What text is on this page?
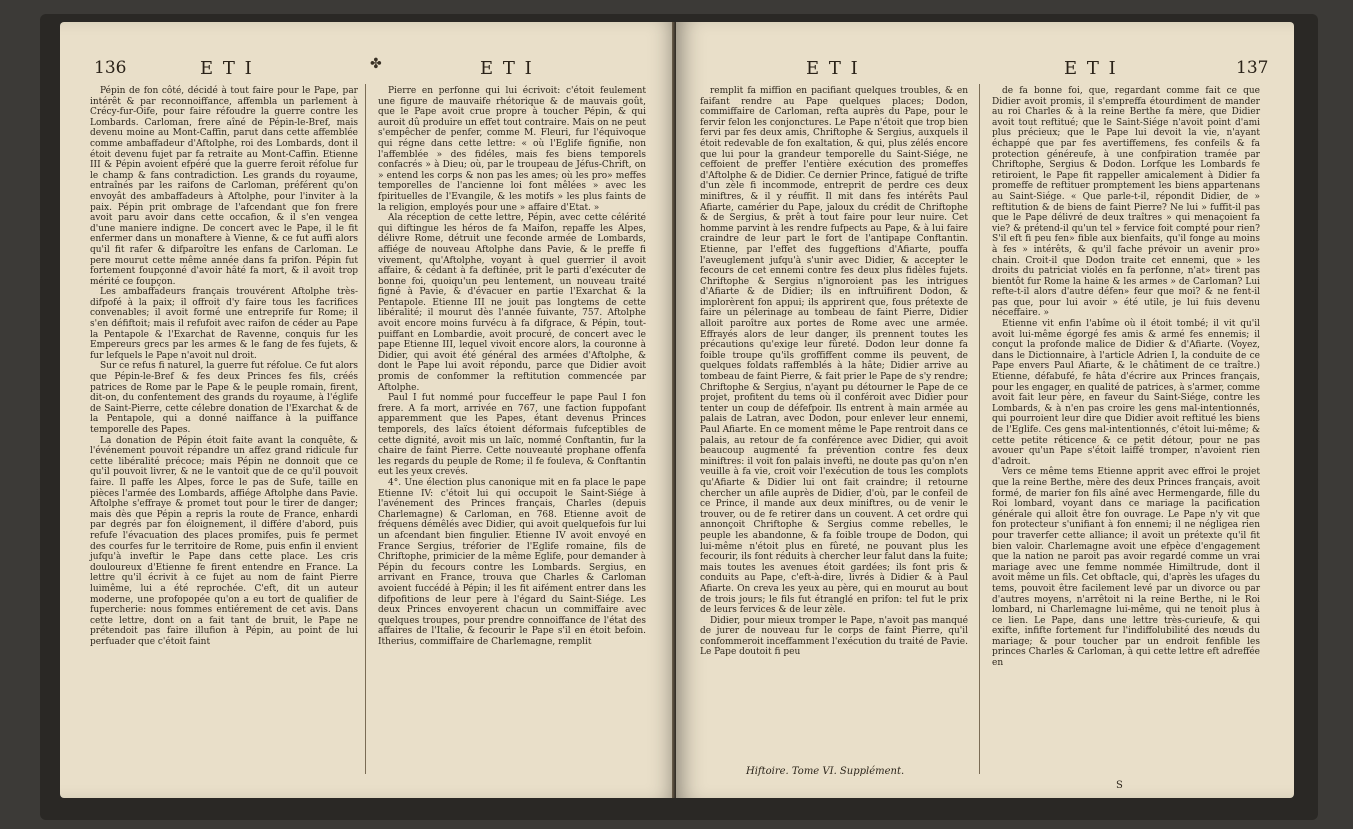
136	E T I	✤	E T I

Pépin de fon côté, décidé à tout faire pour le Pape, par intérêt & par reconnoiffance, affembla un parlement à Crécy-fur-Oife, pour faire réfoudre la guerre contre les Lombards. Carloman, frere aîné de Pépin-le-Bref, mais devenu moine au Mont-Caffin, parut dans cette affemblée comme ambaffadeur d'Aftolphe, roi des Lombards, dont il étoit devenu fujet par fa retraite au Mont-Caffin. Etienne III & Pépin avoient efpéré que la guerre feroit réfolue fur le champ & fans contradiction. Les grands du royaume, entraînés par les raifons de Carloman, préférent qu'on envoyât des ambaffadeurs à Aftolphe, pour l'inviter à la paix. Pépin prit ombrage de l'afcendant que fon frere avoit paru avoir dans cette occafion, & il s'en vengea d'une maniere indigne. De concert avec le Pape, il le fit enfermer dans un monaftere à Vienne, & ce fut auffi alors qu'il fit rafer & difparoître les enfans de Carloman. Le pere mourut cette même année dans fa prifon. Pépin fut fortement foupçonné d'avoir hâté fa mort, & il avoit trop mérité ce foupçon.

Les ambaffadeurs français trouvérent Aftolphe très-difpofé à la paix; il offroit d'y faire tous les facrifices convenables; il avoit formé une entreprife fur Rome; il s'en défiftoit; mais il refufoit avec raifon de céder au Pape la Pentapole & l'Exarchat de Ravenne, conquis fur les Empereurs grecs par les armes & le fang de fes fujets, & fur lefquels le Pape n'avoit nul droit.

Sur ce refus fi naturel, la guerre fut réfolue. Ce fut alors que Pépin-le-Bref & fes deux Princes fes fils, créés patrices de Rome par le Pape & le peuple romain, firent, dit-on, du confentement des grands du royaume, à l'églife de Saint-Pierre, cette célebre donation de l'Exarchat & de la Pentapole, qui a donné naiffance à la puiffance temporelle des Papes.

La donation de Pépin étoit faite avant la conquête, & l'événement pouvoit répandre un affez grand ridicule fur cette libéralité précoce; mais Pépin ne donnoit que ce qu'il pouvoit livrer, & ne le vantoit que de ce qu'il pouvoit faire. Il paffe les Alpes, force le pas de Sufe, taille en pièces l'armée des Lombards, affiége Aftolphe dans Pavie. Aftolphe s'effraye & promet tout pour le tirer de danger; mais dès que Pépin a repris la route de France, enhardi par degrés par fon éloignement, il différe d'abord, puis refufe l'évacuation des places promifes, puis fe permet des courfes fur le territoire de Rome, puis enfin il envient jufqu'à inveftir le Pape dans cette place. Les cris douloureux d'Etienne fe firent entendre en France. La lettre qu'il écrivit à ce fujet au nom de faint Pierre luimême, lui a été reprochée. C'eft, dit un auteur moderne, une profopopée qu'on a eu tort de qualifier de fupercherie: nous fommes entiérement de cet avis. Dans cette lettre, dont on a fait tant de bruit, le Pape ne prétendoit pas faire illufion à Pépin, au point de lui perfuader que c'étoit faint

Pierre en perfonne qui lui écrivoit: c'étoit feulement une figure de mauvaife rhétorique & de mauvais goût, que le Pape avoit crue propre à toucher Pépin, & qui auroit dû produire un effet tout contraire. Mais on ne peut s'empêcher de penfer, comme M. Fleuri, fur l'équivoque qui régne dans cette lettre: « où l'Eglife fignifie, non l'affemblée » des fidéles, mais fes biens temporels confacrés » à Dieu; où, par le troupeau de Jéfus-Chrift, on » entend les corps & non pas les ames; où les pro» meffes temporelles de l'ancienne loi font mêlées » avec les fpirituelles de l'Evangile, & les motifs » les plus faints de la religion, employés pour une » affaire d'Etat. »

Ala réception de cette lettre, Pépin, avec cette célérité qui diftingue les héros de fa Maifon, repaffe les Alpes, délivre Rome, détruit une feconde armée de Lombards, affiége de nouveau Aftolphe dans Pavie, & le preffe fi vivement, qu'Aftolphe, voyant à quel guerrier il avoit affaire, & cédant à fa deftinée, prit le parti d'exécuter de bonne foi, quoiqu'un peu lentement, un nouveau traité figné à Pavie, & d'évacuer en partie l'Exarchat & la Pentapole. Etienne III ne jouit pas longtems de cette libéralité; il mourut dès l'année fuivante, 757. Aftolphe avoit encore moins furvécu à fa difgrace, & Pépin, tout-puiffant en Lombardie, avoit procuré, de concert avec le pape Etienne III, lequel vivoit encore alors, la couronne à Didier, qui avoit été général des armées d'Aftolphe, & dont le Pape lui avoit répondu, parce que Didier avoit promis de confommer la reftitution commencée par Aftolphe.

Paul I fut nommé pour fucceffeur le pape Paul I fon frere. A fa mort, arrivée en 767, une faction fuppofant apparemment que les Papes, étant devenus Princes temporels, des laïcs étoient déformais fufceptibles de cette dignité, avoit mis un laïc, nommé Conftantin, fur la chaire de faint Pierre. Cette nouveauté prophane offenfa les regards du peuple de Rome; il fe fouleva, & Conftantin eut les yeux crevés.

4°. Une élection plus canonique mit en fa place le pape Etienne IV: c'étoit lui qui occupoit le Saint-Siége à l'avénement des Princes français, Charles (depuis Charlemagne) & Carloman, en 768. Etienne avoit de fréquens démêlés avec Didier, qui avoit quelquefois fur lui un afcendant bien fingulier. Etienne IV avoit envoyé en France Sergius, tréforier de l'Eglife romaine, fils de Chriftophe, primicier de la même Eglife, pour demander à Pépin du fecours contre les Lombards. Sergius, en arrivant en France, trouva que Charles & Carloman avoient fuccédé à Pépin; il les fit aifément entrer dans les difpofitions de leur pere à l'égard du Saint-Siége. Les deux Princes envoyerent chacun un commiffaire avec quelques troupes, pour prendre connoiffance de l'état des affaires de l'Italie, & fecourir le Pape s'il en étoit befoin. Itherius, commiffaire de Charlemagne, remplit

E T I	E T I	137

remplit fa miffion en pacifiant quelques troubles, & en faifant rendre au Pape quelques places; Dodon, commiffaire de Carloman, refta auprès du Pape, pour le fervir felon les conjonctures. Le Pape n'étoit que trop bien fervi par fes deux amis, Chriftophe & Sergius, auxquels il étoit redevable de fon exaltation, & qui, plus zélés encore que lui pour la grandeur temporelle du Saint-Siége, ne ceffoient de preffer l'entière exécution des promeffes d'Aftolphe & de Didier. Ce dernier Prince, fatigué de trifte d'un zèle fi incommode, entreprit de perdre ces deux miniftres, & il y réuffit. Il mit dans fes intérêts Paul Afiarte, camérier du Pape, jaloux du crédit de Chriftophe & de Sergius, & prêt à tout faire pour leur nuire. Cet homme parvint à les rendre fufpects au Pape, & à lui faire craindre de leur part le fort de l'antipape Conftantin. Etienne, par l'effet des fuggeftions d'Afiarte, pouffa l'aveuglement jufqu'à s'unir avec Didier, & accepter le fecours de cet ennemi contre fes deux plus fidèles fujets. Chriftophe & Sergius n'ignoroient pas les intrigues d'Afiarte & de Didier; ils en inftruifirent Dodon, & implorèrent fon appui; ils apprirent que, fous prétexte de faire un pélerinage au tombeau de faint Pierre, Didier alloit paroître aux portes de Rome avec une armée. Effrayés alors de leur danger, ils prennent toutes les précautions qu'exige leur fûreté. Dodon leur donne fa foible troupe qu'ils groffiffent comme ils peuvent, de quelques foldats raffemblés à la hâte; Didier arrive au tombeau de faint Pierre, & fait prier le Pape de s'y rendre; Chriftophe & Sergius, n'ayant pu détourner le Pape de ce projet, profitent du tems où il conféroit avec Didier pour tenter un coup de défefpoir. Ils entrent à main armée au palais de Latran, avec Dodon, pour enlever leur ennemi, Paul Afiarte. En ce moment même le Pape rentroit dans ce palais, au retour de fa conférence avec Didier, qui avoit beaucoup augmenté fa prévention contre fes deux miniftres: il voit fon palais inveftì, ne doute pas qu'on n'en veuille à fa vie, croit voir l'exécution de tous les complots qu'Afiarte & Didier lui ont fait craindre; il retourne chercher un afile auprès de Didier, d'où, par le confeil de ce Prince, il mande aux deux miniftres, ou de venir le trouver, ou de fe retirer dans un couvent. A cet ordre qui annonçoit Chriftophe & Sergius comme rebelles, le peuple les abandonne, & fa foible troupe de Dodon, qui lui-même n'étoit plus en fûreté, ne pouvant plus les fecourir, ils font réduits à chercher leur falut dans la fuite; mais toutes les avenues étoit gardées; ils font pris & conduits au Pape, c'eft-à-dire, livrés à Didier & à Paul Afiarte. On creva les yeux au père, qui en mourut au bout de trois jours; le fils fut étranglé en prifon: tel fut le prix de leurs fervices & de leur zèle.

Didier, pour mieux tromper le Pape, n'avoit pas manqué de jurer de nouveau fur le corps de faint Pierre, qu'il confommeroit inceffamment l'exécution du traité de Pavie. Le Pape doutoit fi peu

de fa bonne foi, que, regardant comme fait ce que Didier avoit promis, il s'empreffa étourdiment de mander au roi Charles & à la reine Berthe fa mère, que Didier avoit tout reftitué; que le Saint-Siége n'avoit point d'ami plus précieux; que le Pape lui devoit la vie, n'ayant échappé que par fes avertiffemens, fes confeils & fa protection généreufe, à une confpiration tramée par Chriftophe, Sergius & Dodon. Lorfque les Lombards fe retiroient, le Pape fit rappeller amicalement à Didier fa promeffe de reftituer promptement les biens appartenans au Saint-Siége. « Que parle-t-il, répondit Didier, de » reftitution & de biens de faint Pierre? Ne lui » fuffit-il pas que le Pape délivré de deux traîtres » qui menaçoient fa vie? & prétend-il qu'un tel » fervice foit compté pour rien? S'il eft fi peu fen» fible aux bienfaits, qu'il fonge au moins à fes » intérêts, & qu'il fache prévoir un avenir pro» chain. Croit-il que Dodon traite cet ennemi, que » les droits du patriciat violés en fa perfonne, n'at» tirent pas bientôt fur Rome la haine & les armes » de Carloman? Lui refte-t-il alors d'autre défen» feur que moi? & ne fent-il pas que, pour lui avoir » été utile, je lui fuis devenu néceffaire. »

Etienne vit enfin l'abîme où il étoit tombé; il vit qu'il avoit lui-même égorgé fes amis & armé fes ennemis; il conçut la profonde malice de Didier & d'Afiarte. (Voyez, dans le Dictionnaire, à l'article Adrien I, la conduite de ce Pape envers Paul Afiarte, & le châtiment de ce traître.) Etienne, défabufé, fe hâta d'écrire aux Princes français, pour les engager, en qualité de patrices, à s'armer, comme avoit fait leur père, en faveur du Saint-Siége, contre les Lombards, & à n'en pas croire les gens mal-intentionnés, qui pourroient leur dire que Didier avoit reftitué les biens de l'Eglife. Ces gens mal-intentionnés, c'étoit lui-même; & cette petite réticence & ce petit détour, pour ne pas avouer qu'un Pape s'étoit laiffé tromper, n'avoient rien d'adroit.

Vers ce même tems Etienne apprit avec effroi le projet que la reine Berthe, mère des deux Princes français, avoit formé, de marier fon fils aîné avec Hermengarde, fille du Roi lombard, voyant dans ce mariage la pacification générale qui alloit être fon ouvrage. Le Pape n'y vit que fon protecteur s'unifiant à fon ennemi; il ne négligea rien pour traverfer cette alliance; il avoit un prétexte qu'il fit bien valoir. Charlemagne avoit une efpèce d'engagement que la nation ne paroit pas avoir regardé comme un vrai mariage avec une femme nommée Himiltrude, dont il avoit même un fils. Cet obftacle, qui, d'après les ufages du tems, pouvoit être facilement levé par un divorce ou par d'autres moyens, n'arrêtoit ni la reine Berthe, ni le Roi lombard, ni Charlemagne lui-même, qui ne tenoit plus à ce lien. Le Pape, dans une lettre très-curieufe, & qui exifte, infifte fortement fur l'indiffolubilité des nœuds du mariage; & pour toucher par un endroit fenfible les princes Charles & Carloman, à qui cette lettre eft adreffée en

Hiftoire. Tome VI. Supplément.
S
